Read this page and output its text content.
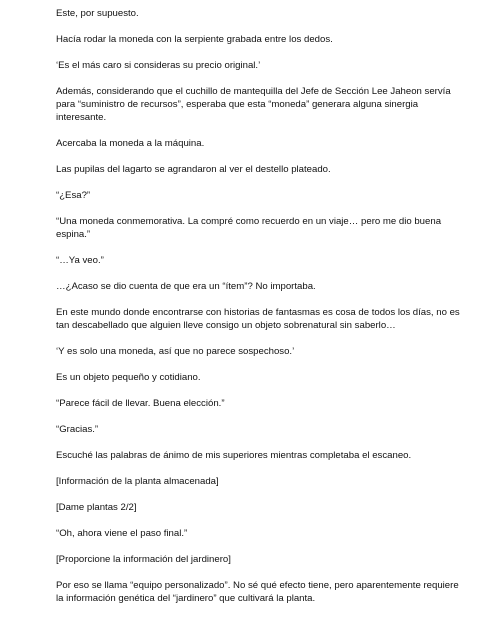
Este, por supuesto.

Hacía rodar la moneda con la serpiente grabada entre los dedos.

‘Es el más caro si consideras su precio original.’

Además, considerando que el cuchillo de mantequilla del Jefe de Sección Lee Jaheon servía para “suministro de recursos”, esperaba que esta “moneda” generara alguna sinergia interesante.

Acercaba la moneda a la máquina.

Las pupilas del lagarto se agrandaron al ver el destello plateado.

“¿Esa?”

“Una moneda conmemorativa. La compré como recuerdo en un viaje… pero me dio buena espina.”

“…Ya veo.”

…¿Acaso se dio cuenta de que era un “ítem”? No importaba.

En este mundo donde encontrarse con historias de fantasmas es cosa de todos los días, no es tan descabellado que alguien lleve consigo un objeto sobrenatural sin saberlo…

‘Y es solo una moneda, así que no parece sospechoso.’

Es un objeto pequeño y cotidiano.

“Parece fácil de llevar. Buena elección.”

“Gracias.”

Escuché las palabras de ánimo de mis superiores mientras completaba el escaneo.

[Información de la planta almacenada]

[Dame plantas 2/2]

“Oh, ahora viene el paso final.”

[Proporcione la información del jardinero]

Por eso se llama “equipo personalizado”. No sé qué efecto tiene, pero aparentemente requiere la información genética del “jardinero” que cultivará la planta.
